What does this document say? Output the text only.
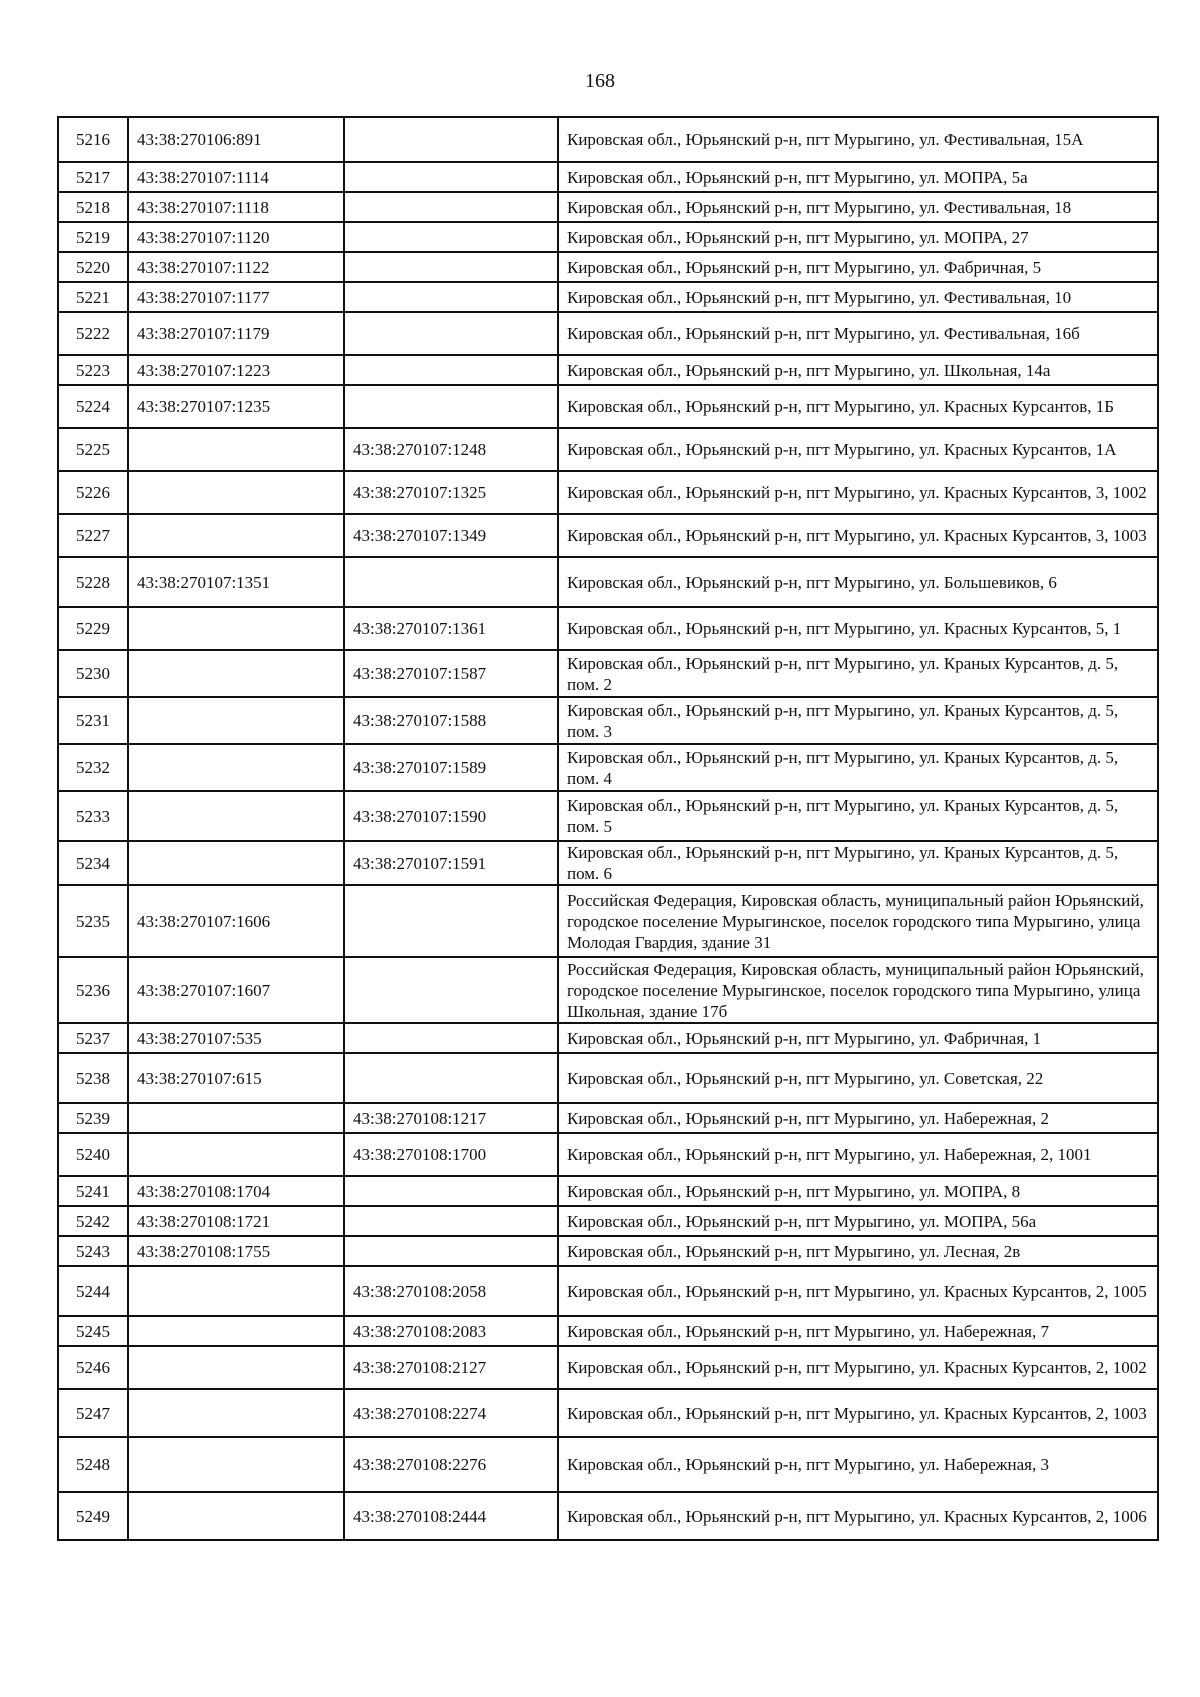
168
5216	43:38:270106:891		Кировская обл., Юрьянский р-н, пгт Мурыгино, ул. Фестивальная, 15А
5217	43:38:270107:1114		Кировская обл., Юрьянский р-н, пгт Мурыгино, ул. МОПРА, 5а
5218	43:38:270107:1118		Кировская обл., Юрьянский р-н, пгт Мурыгино, ул. Фестивальная, 18
5219	43:38:270107:1120		Кировская обл., Юрьянский р-н, пгт Мурыгино, ул. МОПРА, 27
5220	43:38:270107:1122		Кировская обл., Юрьянский р-н, пгт Мурыгино, ул. Фабричная, 5
5221	43:38:270107:1177		Кировская обл., Юрьянский р-н, пгт Мурыгино, ул. Фестивальная, 10
5222	43:38:270107:1179		Кировская обл., Юрьянский р-н, пгт Мурыгино, ул. Фестивальная, 16б
5223	43:38:270107:1223		Кировская обл., Юрьянский р-н, пгт Мурыгино, ул. Школьная, 14а
5224	43:38:270107:1235		Кировская обл., Юрьянский р-н, пгт Мурыгино, ул. Красных Курсантов, 1Б
5225		43:38:270107:1248	Кировская обл., Юрьянский р-н, пгт Мурыгино, ул. Красных Курсантов, 1А
5226		43:38:270107:1325	Кировская обл., Юрьянский р-н, пгт Мурыгино, ул. Красных Курсантов, 3, 1002
5227		43:38:270107:1349	Кировская обл., Юрьянский р-н, пгт Мурыгино, ул. Красных Курсантов, 3, 1003
5228	43:38:270107:1351		Кировская обл., Юрьянский р-н, пгт Мурыгино, ул. Большевиков, 6
5229		43:38:270107:1361	Кировская обл., Юрьянский р-н, пгт Мурыгино, ул. Красных Курсантов, 5, 1
5230		43:38:270107:1587	Кировская обл., Юрьянский р-н, пгт Мурыгино, ул. Краных Курсантов, д. 5, пом. 2
5231		43:38:270107:1588	Кировская обл., Юрьянский р-н, пгт Мурыгино, ул. Краных Курсантов, д. 5, пом. 3
5232		43:38:270107:1589	Кировская обл., Юрьянский р-н, пгт Мурыгино, ул. Краных Курсантов, д. 5, пом. 4
5233		43:38:270107:1590	Кировская обл., Юрьянский р-н, пгт Мурыгино, ул. Краных Курсантов, д. 5, пом. 5
5234		43:38:270107:1591	Кировская обл., Юрьянский р-н, пгт Мурыгино, ул. Краных Курсантов, д. 5, пом. 6
5235	43:38:270107:1606		Российская Федерация, Кировская область, муниципальный район Юрьянский, городское поселение Мурыгинское, поселок городского типа Мурыгино, улица Молодая Гвардия, здание 31
5236	43:38:270107:1607		Российская Федерация, Кировская область, муниципальный район Юрьянский, городское поселение Мурыгинское, поселок городского типа Мурыгино, улица Школьная, здание 17б
5237	43:38:270107:535		Кировская обл., Юрьянский р-н, пгт Мурыгино, ул. Фабричная, 1
5238	43:38:270107:615		Кировская обл., Юрьянский р-н, пгт Мурыгино, ул. Советская, 22
5239		43:38:270108:1217	Кировская обл., Юрьянский р-н, пгт Мурыгино, ул. Набережная, 2
5240		43:38:270108:1700	Кировская обл., Юрьянский р-н, пгт Мурыгино, ул. Набережная, 2, 1001
5241	43:38:270108:1704		Кировская обл., Юрьянский р-н, пгт Мурыгино, ул. МОПРА, 8
5242	43:38:270108:1721		Кировская обл., Юрьянский р-н, пгт Мурыгино, ул. МОПРА, 56а
5243	43:38:270108:1755		Кировская обл., Юрьянский р-н, пгт Мурыгино, ул. Лесная, 2в
5244		43:38:270108:2058	Кировская обл., Юрьянский р-н, пгт Мурыгино, ул. Красных Курсантов, 2, 1005
5245		43:38:270108:2083	Кировская обл., Юрьянский р-н, пгт Мурыгино, ул. Набережная, 7
5246		43:38:270108:2127	Кировская обл., Юрьянский р-н, пгт Мурыгино, ул. Красных Курсантов, 2, 1002
5247		43:38:270108:2274	Кировская обл., Юрьянский р-н, пгт Мурыгино, ул. Красных Курсантов, 2, 1003
5248		43:38:270108:2276	Кировская обл., Юрьянский р-н, пгт Мурыгино, ул. Набережная, 3
5249		43:38:270108:2444	Кировская обл., Юрьянский р-н, пгт Мурыгино, ул. Красных Курсантов, 2, 1006
